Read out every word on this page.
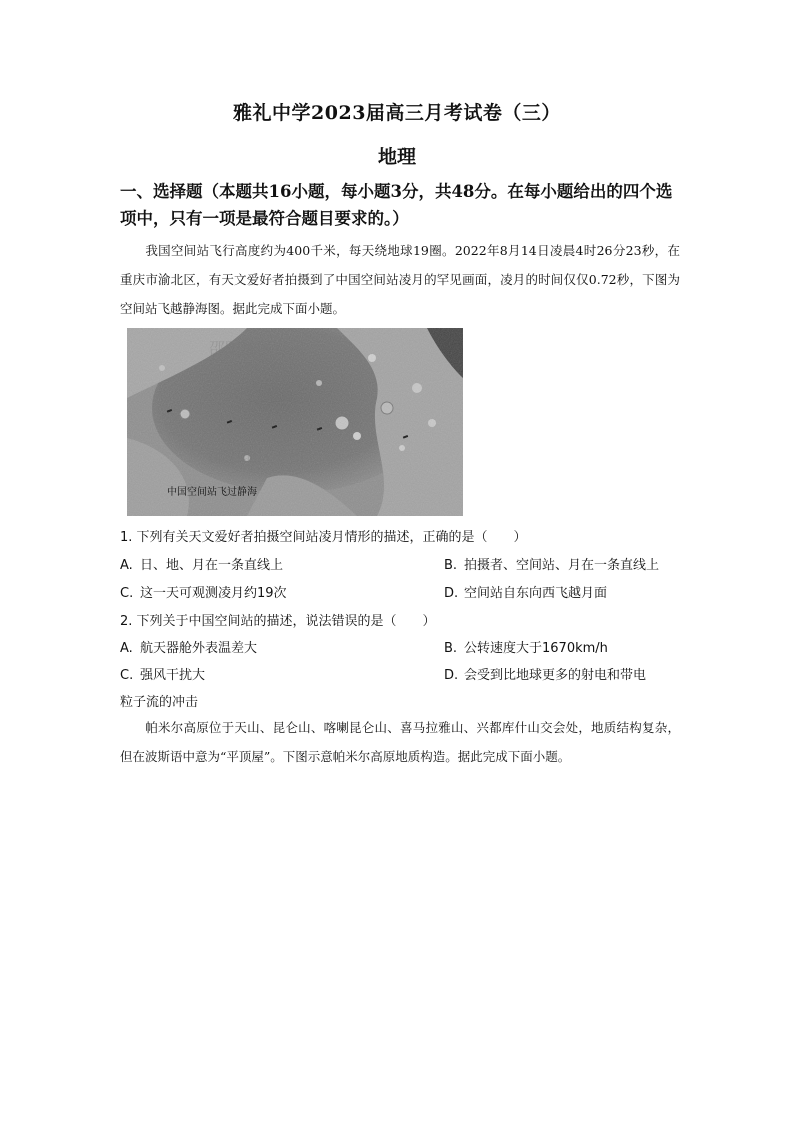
雅礼中学2023届高三月考试卷（三）
地理
一、选择题（本题共16小题，每小题3分，共48分。在每小题给出的四个选项中，只有一项是最符合题目要求的。）
我国空间站飞行高度约为400千米，每天绕地球19圈。2022年8月14日凌晨4时26分23秒，在重庆市渝北区，有天文爱好者拍摄到了中国空间站凌月的罕见画面，凌月的时间仅仅0.72秒，下图为空间站飞越静海图。据此完成下面小题。
邵阳地区专用
邵阳地区专用
中国空间站飞过静海
1. 下列有关天文爱好者拍摄空间站凌月情形的描述，正确的是（　　）
A. 日、地、月在一条直线上	B. 拍摄者、空间站、月在一条直线上
C. 这一天可观测凌月约19次	D. 空间站自东向西飞越月面
2. 下列关于中国空间站的描述，说法错误的是（　　）
A. 航天器舱外表温差大	B. 公转速度大于1670km/h
C. 强风干扰大	D. 会受到比地球更多的射电和带电
粒子流的冲击
帕米尔高原位于天山、昆仑山、喀喇昆仑山、喜马拉雅山、兴都库什山交会处，地质结构复杂，但在波斯语中意为“平顶屋”。下图示意帕米尔高原地质构造。据此完成下面小题。
